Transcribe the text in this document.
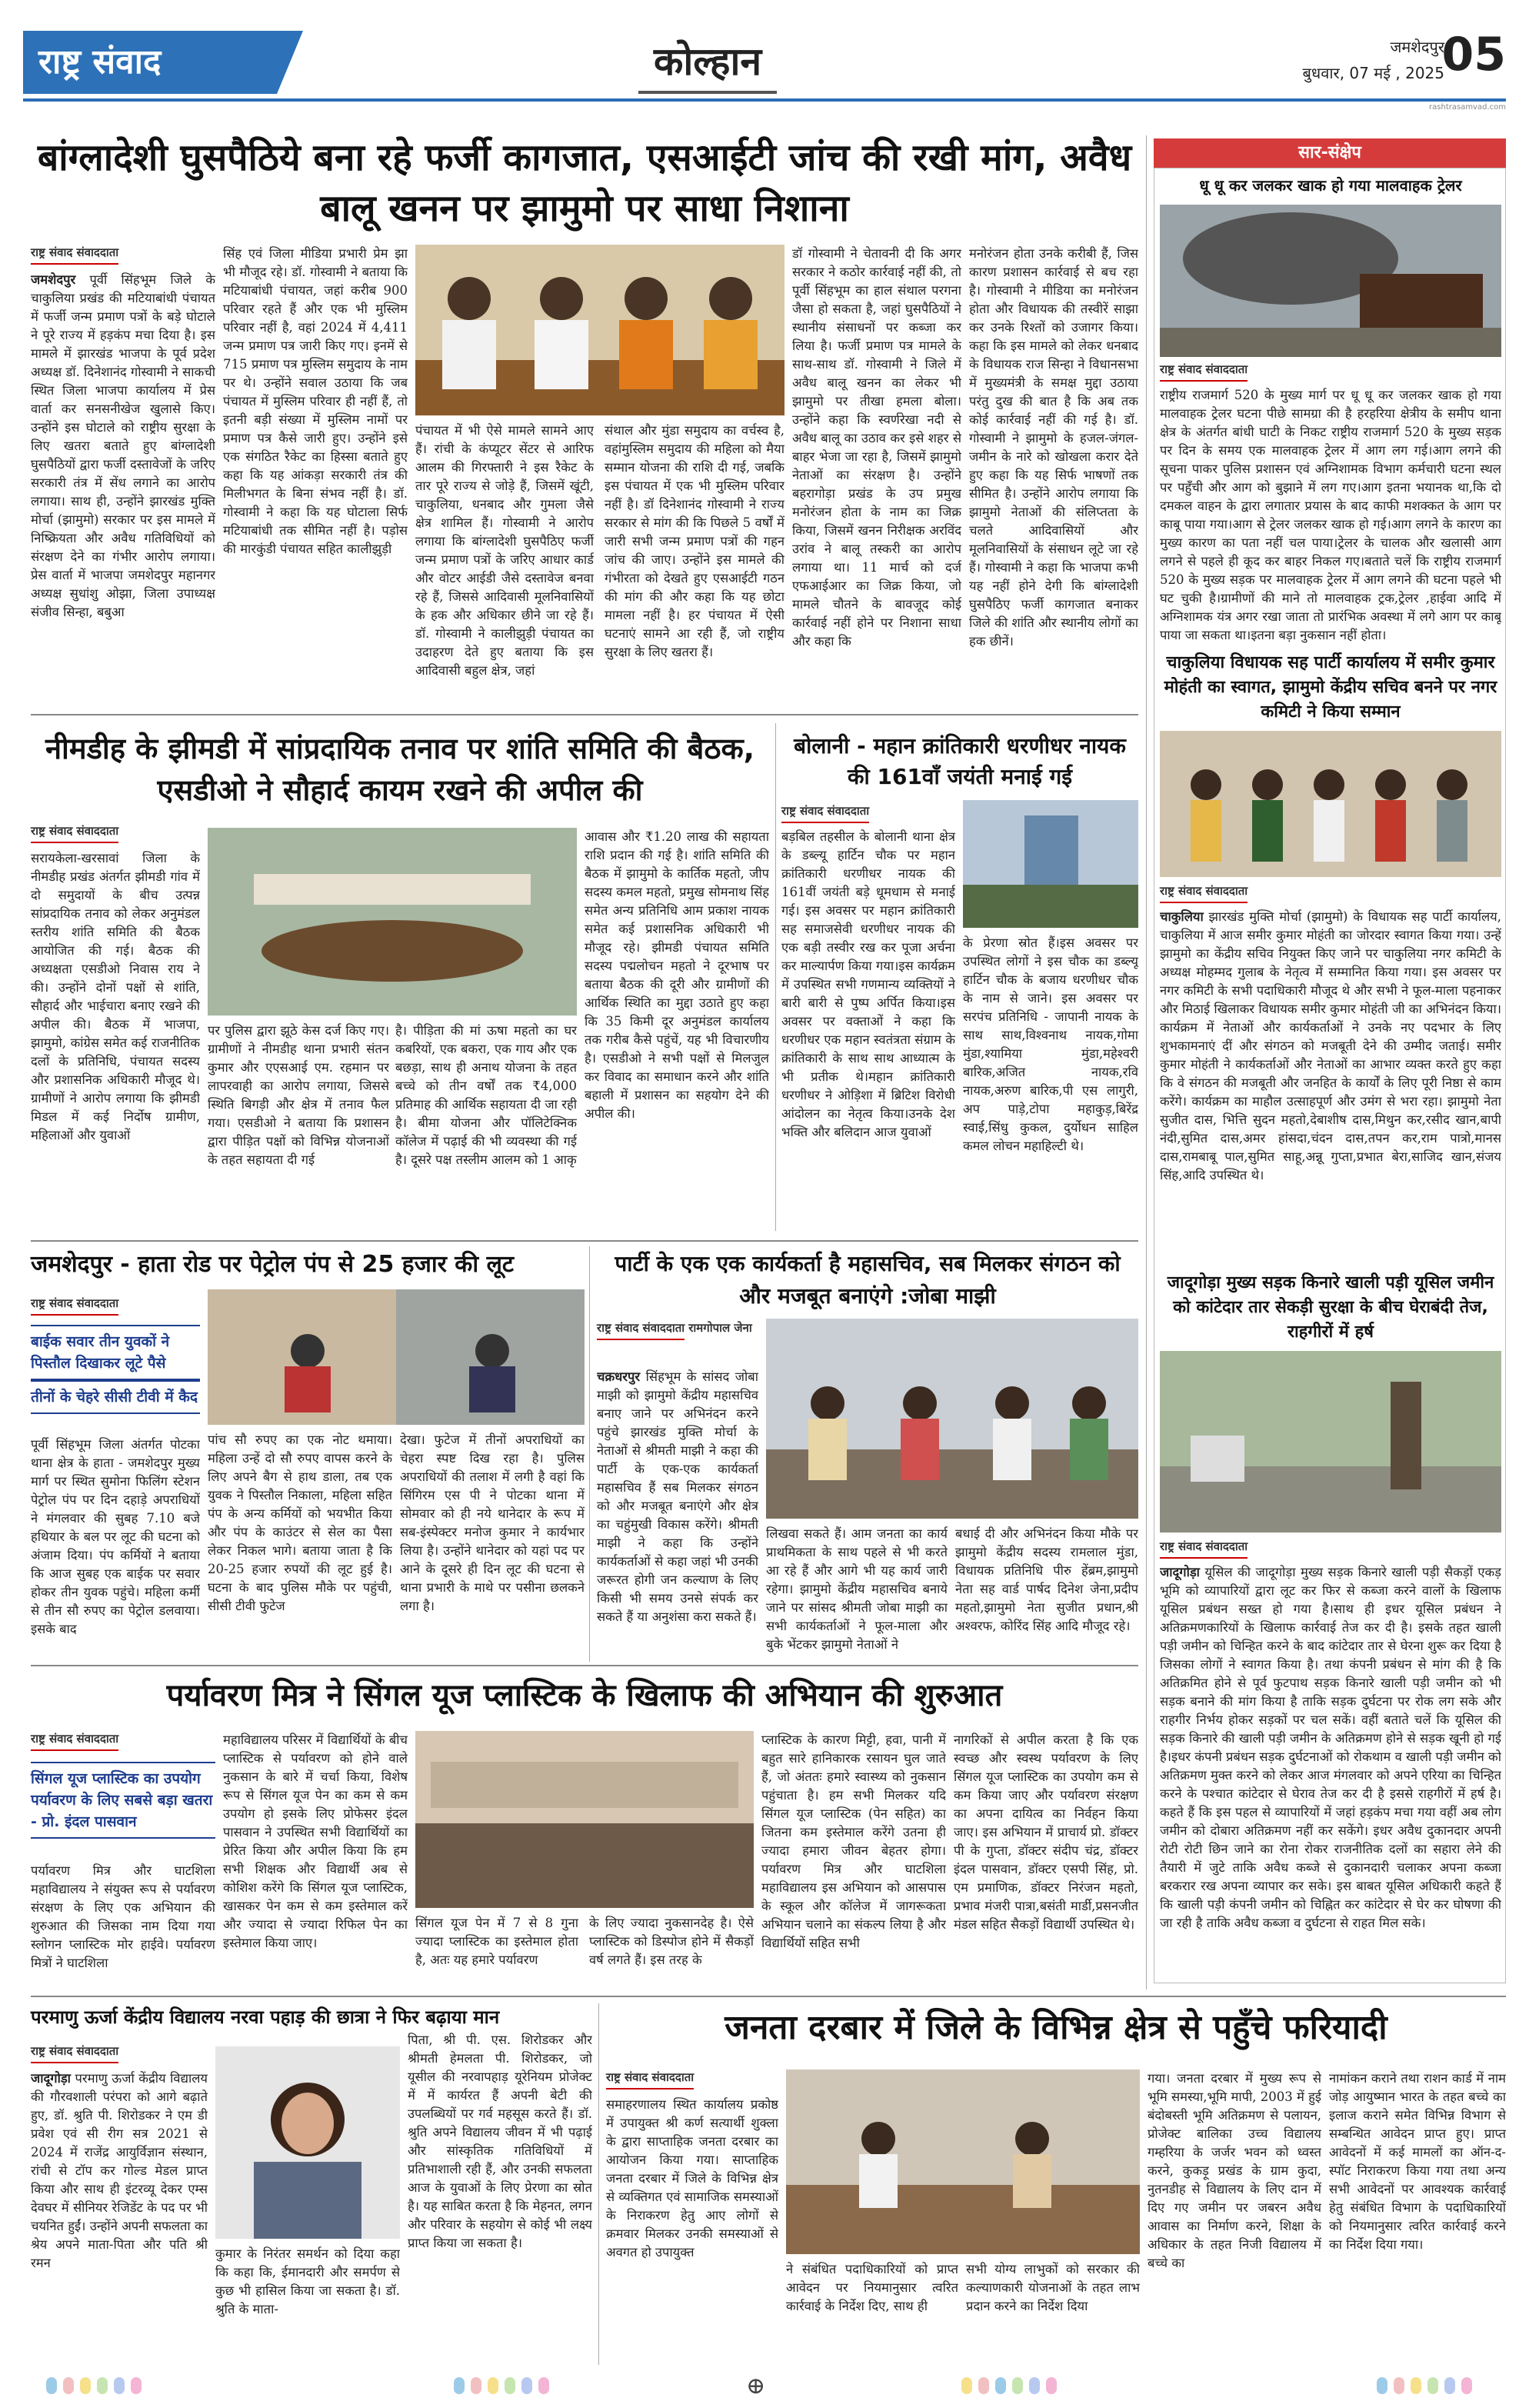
राष्ट्र संवाद	कोल्हान	जमशेदपुर
बुधवार, 07 मई , 2025
05
rashtrasamvad.com
बांग्लादेशी घुसपैठिये बना रहे फर्जी कागजात, एसआईटी जांच की रखी मांग, अवैध बालू खनन पर झामुमो पर साधा निशाना
राष्ट्र संवाद संवाददाता

जमशेदपुर पूर्वी सिंहभूम जिले के चाकुलिया प्रखंड की मटियाबांधी पंचायत में फर्जी जन्म प्रमाण पत्रों के बड़े घोटाले ने पूरे राज्य में हड़कंप मचा दिया है। इस मामले में झारखंड भाजपा के पूर्व प्रदेश अध्यक्ष डॉ. दिनेशानंद गोस्वामी ने साकची स्थित जिला भाजपा कार्यालय में प्रेस वार्ता कर सनसनीखेज खुलासे किए। उन्होंने इस घोटाले को राष्ट्रीय सुरक्षा के लिए खतरा बताते हुए बांग्लादेशी घुसपैठियों द्वारा फर्जी दस्तावेजों के जरिए सरकारी तंत्र में सेंध लगाने का आरोप लगाया। साथ ही, उन्होंने झारखंड मुक्ति मोर्चा (झामुमो) सरकार पर इस मामले में निष्क्रियता और अवैध गतिविधियों को संरक्षण देने का गंभीर आरोप लगाया। प्रेस वार्ता में भाजपा जमशेदपुर महानगर अध्यक्ष सुधांशु ओझा, जिला उपाध्यक्ष संजीव सिन्हा, बबुआ

सिंह एवं जिला मीडिया प्रभारी प्रेम झा भी मौजूद रहे। डॉ. गोस्वामी ने बताया कि मटियाबांधी पंचायत, जहां करीब 900 परिवार रहते हैं और एक भी मुस्लिम परिवार नहीं है, वहां 2024 में 4,411 जन्म प्रमाण पत्र जारी किए गए। इनमें से 715 प्रमाण पत्र मुस्लिम समुदाय के नाम पर थे। उन्होंने सवाल उठाया कि जब पंचायत में मुस्लिम परिवार ही नहीं हैं, तो इतनी बड़ी संख्या में मुस्लिम नामों पर प्रमाण पत्र कैसे जारी हुए। उन्होंने इसे एक संगठित रैकेट का हिस्सा बताते हुए कहा कि यह आंकड़ा सरकारी तंत्र की मिलीभगत के बिना संभव नहीं है। डॉ. गोस्वामी ने कहा कि यह घोटाला सिर्फ मटियाबांधी तक सीमित नहीं है। पड़ोस की मारकुंडी पंचायत सहित कालीझुड़ी
पंचायत में भी ऐसे मामले सामने आए हैं। रांची के कंप्यूटर सेंटर से आरिफ आलम की गिरफ्तारी ने इस रैकेट के तार पूरे राज्य से जोड़े हैं, जिसमें खूंटी, चाकुलिया, धनबाद और गुमला जैसे क्षेत्र शामिल हैं। गोस्वामी ने आरोप लगाया कि बांग्लादेशी घुसपैठिए फर्जी जन्म प्रमाण पत्रों के जरिए आधार कार्ड और वोटर आईडी जैसे दस्तावेज बनवा रहे हैं, जिससे आदिवासी मूलनिवासियों के हक और अधिकार छीने जा रहे हैं। डॉ. गोस्वामी ने कालीझुड़ी पंचायत का उदाहरण देते हुए बताया कि इस आदिवासी बहुल क्षेत्र, जहां
संथाल और मुंडा समुदाय का वर्चस्व है, वहांमुस्लिम समुदाय की महिला को मैया सम्मान योजना की राशि दी गई, जबकि इस पंचायत में एक भी मुस्लिम परिवार नहीं है। डॉ दिनेशानंद गोस्वामी ने राज्य सरकार से मांग की कि पिछले 5 वर्षों में जारी सभी जन्म प्रमाण पत्रों की गहन जांच की जाए। उन्होंने इस मामले की गंभीरता को देखते हुए एसआईटी गठन की मांग की और कहा कि यह छोटा मामला नहीं है। हर पंचायत में ऐसी घटनाएं सामने आ रही हैं, जो राष्ट्रीय सुरक्षा के लिए खतरा हैं।
डॉ गोस्वामी ने चेतावनी दी कि अगर सरकार ने कठोर कार्रवाई नहीं की, तो पूर्वी सिंहभूम का हाल संथाल परगना जैसा हो सकता है, जहां घुसपैठियों ने स्थानीय संसाधनों पर कब्जा कर लिया है। फर्जी प्रमाण पत्र मामले के साथ-साथ डॉ. गोस्वामी ने जिले में अवैध बालू खनन का लेकर भी झामुमो पर तीखा हमला बोला। उन्होंने कहा कि स्वर्णरेखा नदी से अवैध बालू का उठाव कर इसे शहर से बाहर भेजा जा रहा है, जिसमें झामुमो नेताओं का संरक्षण है। उन्होंने बहरागोड़ा प्रखंड के उप प्रमुख मनोरंजन होता के नाम का जिक्र किया, जिसमें खनन निरीक्षक अरविंद उरांव ने बालू तस्करी का आरोप लगाया था। 11 मार्च को दर्ज एफआईआर का जिक्र किया, जो मामले चौतने के बावजूद कोई कार्रवाई नहीं होने पर निशाना साधा और कहा कि
मनोरंजन होता उनके करीबी हैं, जिस कारण प्रशासन कार्रवाई से बच रहा है। गोस्वामी ने मीडिया का मनोरंजन होता और विधायक की तस्वीरें साझा कर उनके रिश्तों को उजागर किया। कहा कि इस मामले को लेकर धनबाद के विधायक राज सिन्हा ने विधानसभा में मुख्यमंत्री के समक्ष मुद्दा उठाया परंतु दुख की बात है कि अब तक कोई कार्रवाई नहीं की गई है। डॉ. गोस्वामी ने झामुमो के हजल-जंगल-जमीन के नारे को खोखला करार देते हुए कहा कि यह सिर्फ भाषणों तक सीमित है। उन्होंने आरोप लगाया कि झामुमो नेताओं की संलिप्तता के चलते आदिवासियों और मूलनिवासियों के संसाधन लूटे जा रहे हैं। गोस्वामी ने कहा कि भाजपा कभी यह नहीं होने देगी कि बांग्लादेशी घुसपैठिए फर्जी कागजात बनाकर जिले की शांति और स्थानीय लोगों का हक छीनें।
नीमडीह के झीमडी में सांप्रदायिक तनाव पर शांति समिति की बैठक, एसडीओ ने सौहार्द कायम रखने की अपील की
राष्ट्र संवाद संवाददाता
सरायकेला-खरसावां जिला के नीमडीह प्रखंड अंतर्गत झीमडी गांव में दो समुदायों के बीच उत्पन्न सांप्रदायिक तनाव को लेकर अनुमंडल स्तरीय शांति समिति की बैठक आयोजित की गई। बैठक की अध्यक्षता एसडीओ निवास राय ने की। उन्होंने दोनों पक्षों से शांति, सौहार्द और भाईचारा बनाए रखने की अपील की। बैठक में भाजपा, झामुमो, कांग्रेस समेत कई राजनीतिक दलों के प्रतिनिधि, पंचायत सदस्य और प्रशासनिक अधिकारी मौजूद थे। ग्रामीणों ने आरोप लगाया कि झीमडी मिडल में कई निर्दोष ग्रामीण, महिलाओं और युवाओं
पर पुलिस द्वारा झूठे केस दर्ज किए गए। ग्रामीणों ने नीमडीह थाना प्रभारी संतन कुमार और एएसआई एम. रहमान पर लापरवाही का आरोप लगाया, जिससे स्थिति बिगड़ी और क्षेत्र में तनाव फैल गया। एसडीओ ने बताया कि प्रशासन द्वारा पीड़ित पक्षों को विभिन्न योजनाओं के तहत सहायता दी गई
है। पीड़िता की मां ऊषा महतो का घर कबरियों, एक बकरा, एक गाय और एक बछड़ा, साथ ही अनाथ योजना के तहत बच्चे को तीन वर्षों तक ₹4,000 प्रतिमाह की आर्थिक सहायता दी जा रही है। बीमा योजना और पॉलिटेक्निक कॉलेज में पढ़ाई की भी व्यवस्था की गई है। दूसरे पक्ष तस्लीम आलम को 1 आकृ
आवास और ₹1.20 लाख की सहायता राशि प्रदान की गई है। शांति समिति की बैठक में झामुमो के कार्तिक महतो, जीप सदस्य कमल महतो, प्रमुख सोमनाथ सिंह समेत अन्य प्रतिनिधि आम प्रकाश नायक समेत कई प्रशासनिक अधिकारी भी मौजूद रहे। झीमडी पंचायत समिति सदस्य पद्मलोचन महतो ने दूरभाष पर बताया बैठक की दूरी और ग्रामीणों की आर्थिक स्थिति का मुद्दा उठाते हुए कहा कि 35 किमी दूर अनुमंडल कार्यालय तक गरीब कैसे पहुंचें, यह भी विचारणीय है। एसडीओ ने सभी पक्षों से मिलजुल कर विवाद का समाधान करने और शांति बहाली में प्रशासन का सहयोग देने की अपील की।
बोलानी - महान क्रांतिकारी धरणीधर नायक की 161वाँ जयंती मनाई गई
राष्ट्र संवाद संवाददाता
बड़बिल तहसील के बोलानी थाना क्षेत्र के डब्ल्यू हार्टिन चौक पर महान क्रांतिकारी धरणीधर नायक की 161वीं जयंती बड़े धूमधाम से मनाई गई। इस अवसर पर महान क्रांतिकारी सह समाजसेवी धरणीधर नायक की एक बड़ी तस्वीर रख कर पूजा अर्चना कर माल्यार्पण किया गया।इस कार्यक्रम में उपस्थित सभी गणमान्य व्यक्तियों ने बारी बारी से पुष्प अर्पित किया।इस अवसर पर वक्ताओं ने कहा कि धरणीधर एक महान स्वतंत्रता संग्राम के क्रांतिकारी के साथ साथ आध्यात्म के भी प्रतीक थे।महान क्रांतिकारी धरणीधर ने ओड़िशा में ब्रिटिश विरोधी आंदोलन का नेतृत्व किया।उनके देश भक्ति और बलिदान आज युवाओं
के प्रेरणा स्रोत हैं।इस अवसर पर उपस्थित लोगों ने इस चौक का डब्ल्यू हार्टिन चौक के बजाय धरणीधर चौक के नाम से जाने। इस अवसर पर सरपंच प्रतिनिधि - जापानी नायक के साथ साथ,विश्वनाथ नायक,गोमा मुंडा,श्यामिया मुंडा,महेश्वरी बारिक,अजित नायक,रवि नायक,अरुण बारिक,पी एस लागुरी, अप पाड़े,टोपा महाकुड़,बिरेंद्र स्वाई,सिंधु कुकल, दुर्योधन साहिल कमल लोचन महाहिल्टी थे।
जमशेदपुर - हाता रोड पर पेट्रोल पंप से 25 हजार की लूट
राष्ट्र संवाद संवाददाता
बाईक सवार तीन युवकों ने पिस्तौल दिखाकर लूटे पैसे
तीनों के चेहरे सीसी टीवी में कैद
पूर्वी सिंहभूम जिला अंतर्गत पोटका थाना क्षेत्र के हाता - जमशेदपुर मुख्य मार्ग पर स्थित सुमोना फिलिंग स्टेशन पेट्रोल पंप पर दिन दहाड़े अपराधियों ने मंगलवार की सुबह 7.10 बजे हथियार के बल पर लूट की घटना को अंजाम दिया। पंप कर्मियों ने बताया कि आज सुबह एक बाईक पर सवार होकर तीन युवक पहुंचे। महिला कर्मी से तीन सौ रुपए का पेट्रोल डलवाया। इसके बाद
पांच सौ रुपए का एक नोट थमाया। महिला उन्हें दो सौ रुपए वापस करने के लिए अपने बैग से हाथ डाला, तब एक युवक ने पिस्तौल निकाला, महिला सहित पंप के अन्य कर्मियों को भयभीत किया और पंप के काउंटर से सेल का पैसा लेकर निकल भागे। बताया जाता है कि 20-25 हजार रुपयों की लूट हुई है। घटना के बाद पुलिस मौके पर पहुंची, सीसी टीवी फुटेज
देखा। फुटेज में तीनों अपराधियों का चेहरा स्पष्ट दिख रहा है। पुलिस अपराधियों की तलाश में लगी है वहां कि सिंगिरम एस पी ने पोटका थाना में सोमवार को ही नये थानेदार के रूप में सब-इंस्पेक्टर मनोज कुमार ने कार्यभार लिया है। उन्होंने थानेदार को यहां पद पर आने के दूसरे ही दिन लूट की घटना से थाना प्रभारी के माथे पर पसीना छलकने लगा है।
पार्टी के एक एक कार्यकर्ता है महासचिव, सब मिलकर संगठन को और मजबूत बनाएंगे :जोबा माझी
राष्ट्र संवाद संवाददाता रामगोपाल जेना

चक्रधरपुर सिंहभूम के सांसद जोबा माझी को झामुमो केंद्रीय महासचिव बनाए जाने पर अभिनंदन करने पहुंचे झारखंड मुक्ति मोर्चा के नेताओं से श्रीमती माझी ने कहा की पार्टी के एक-एक कार्यकर्ता महासचिव हैं सब मिलकर संगठन को और मजबूत बनाएंगे और क्षेत्र का चहुंमुखी विकास करेंगे। श्रीमती माझी ने कहा कि उन्होंने कार्यकर्ताओं से कहा जहां भी उनकी जरूरत होगी जन कल्याण के लिए किसी भी समय उनसे संपर्क कर सकते हैं या अनुशंसा करा सकते हैं।

लिखवा सकते हैं। आम जनता का कार्य प्राथमिकता के साथ पहले से भी करते आ रहे हैं और आगे भी यह कार्य जारी रहेगा। झामुमो केंद्रीय महासचिव बनाये जाने पर सांसद श्रीमती जोबा माझी का सभी कार्यकर्ताओं ने फूल-माला और बुके भेंटकर झामुमो नेताओं ने
बधाई दी और अभिनंदन किया मौके पर झामुमो केंद्रीय सदस्य रामलाल मुंडा, विधायक प्रतिनिधि पीरु हेंब्रम,झामुमो नेता सह वार्ड पार्षद दिनेश जेना,प्रदीप महतो,झामुमो नेता सुजीत प्रधान,श्री अश्वरफ, कोरिंद सिंह आदि मौजूद रहे।
पर्यावरण मित्र ने सिंगल यूज प्लास्टिक के खिलाफ की अभियान की शुरुआत
राष्ट्र संवाद संवाददाता
सिंगल यूज प्लास्टिक का उपयोग पर्यावरण के लिए सबसे बड़ा खतरा - प्रो. इंदल पासवान
पर्यावरण मित्र और घाटशिला महाविद्यालय ने संयुक्त रूप से पर्यावरण संरक्षण के लिए एक अभियान की शुरुआत की जिसका नाम दिया गया स्लोगन प्लास्टिक मोर हाईवे। पर्यावरण मित्रों ने घाटशिला
महाविद्यालय परिसर में विद्यार्थियों के बीच प्लास्टिक से पर्यावरण को होने वाले नुकसान के बारे में चर्चा किया, विशेष रूप से सिंगल यूज पेन का कम से कम उपयोग हो इसके लिए प्रोफेसर इंदल पासवान ने उपस्थित सभी विद्यार्थियों का प्रेरित किया और अपील किया कि हम सभी शिक्षक और विद्यार्थी अब से कोशिश करेंगे कि सिंगल यूज प्लास्टिक, खासकर पेन कम से कम इस्तेमाल करें और ज्यादा से ज्यादा रिफिल पेन का इस्तेमाल किया जाए।
सिंगल यूज पेन में 7 से 8 गुना ज्यादा प्लास्टिक का इस्तेमाल होता है, अतः यह हमारे पर्यावरण
के लिए ज्यादा नुकसानदेह है। ऐसे प्लास्टिक को डिस्पोज होने में सैकड़ों वर्ष लगते हैं। इस तरह के
प्लास्टिक के कारण मिट्टी, हवा, पानी में बहुत सारे हानिकारक रसायन घुल जाते हैं, जो अंततः हमारे स्वास्थ्य को नुकसान पहुंचाता है। हम सभी मिलकर यदि सिंगल यूज प्लास्टिक (पेन सहित) का जितना कम इस्तेमाल करेंगे उतना ही ज्यादा हमारा जीवन बेहतर होगा। पर्यावरण मित्र और घाटशिला महाविद्यालय इस अभियान को आसपास के स्कूल और कॉलेज में जागरूकता अभियान चलाने का संकल्प लिया है और विद्यार्थियों सहित सभी
नागरिकों से अपील करता है कि एक स्वच्छ और स्वस्थ पर्यावरण के लिए सिंगल यूज प्लास्टिक का उपयोग कम से कम किया जाए और पर्यावरण संरक्षण का अपना दायित्व का निर्वहन किया जाए। इस अभियान में प्राचार्य प्रो. डॉक्टर पी के गुप्ता, डॉक्टर संदीप चंद्र, डॉक्टर इंदल पासवान, डॉक्टर एसपी सिंह, प्रो. एम प्रमाणिक, डॉक्टर निरंजन महतो, प्रभाव मंजरी पात्रा,बसंती मार्डी,प्रसनजीत मंडल सहित सैकड़ों विद्यार्थी उपस्थित थे।
परमाणु ऊर्जा केंद्रीय विद्यालय नरवा पहाड़ की छात्रा ने फिर बढ़ाया मान
राष्ट्र संवाद संवाददाता

जादूगोड़ा परमाणु ऊर्जा केंद्रीय विद्यालय की गौरवशाली परंपरा को आगे बढ़ाते हुए, डॉ. श्रुति पी. शिरोडकर ने एम डी प्रवेश एवं सी रीग सत्र 2021 से 2024 में राजेंद्र आयुर्विज्ञान संस्थान, रांची से टॉप कर गोल्ड मेडल प्राप्त किया और साथ ही इंटरव्यू देकर एम्स देवघर में सीनियर रेजिडेंट के पद पर भी चयनित हुईं। उन्होंने अपनी सफलता का श्रेय अपने माता-पिता और पति श्री रमन

कुमार के निरंतर समर्थन को दिया कहा कि कहा कि, ईमानदारी और समर्पण से कुछ भी हासिल किया जा सकता है। डॉ. श्रुति के माता-
पिता, श्री पी. एस. शिरोडकर और श्रीमती हेमलता पी. शिरोडकर, जो यूसील की नरवापहाड़ यूरेनियम प्रोजेक्ट में में कार्यरत हैं अपनी बेटी की उपलब्धियों पर गर्व महसूस करते हैं। डॉ. श्रुति अपने विद्यालय जीवन में भी पढ़ाई और सांस्कृतिक गतिविधियों में प्रतिभाशाली रही हैं, और उनकी सफलता आज के युवाओं के लिए प्रेरणा का स्रोत है। यह साबित करता है कि मेहनत, लगन और परिवार के सहयोग से कोई भी लक्ष्य प्राप्त किया जा सकता है।
जनता दरबार में जिले के विभिन्न क्षेत्र से पहुँचे फरियादी
राष्ट्र संवाद संवाददाता
समाहरणालय स्थित कार्यालय प्रकोष्ठ में उपायुक्त श्री कर्ण सत्यार्थी शुक्ला के द्वारा साप्ताहिक जनता दरबार का आयोजन किया गया। साप्ताहिक जनता दरबार में जिले के विभिन्न क्षेत्र से व्यक्तिगत एवं सामाजिक समस्याओं के निराकरण हेतु आए लोगों से क्रमवार मिलकर उनकी समस्याओं से अवगत हो उपायुक्त
ने संबंधित पदाधिकारियों को प्राप्त आवेदन पर नियमानुसार त्वरित कार्रवाई के निर्देश दिए, साथ ही
सभी योग्य लाभुकों को सरकार की कल्याणकारी योजनाओं के तहत लाभ प्रदान करने का निर्देश दिया
गया। जनता दरबार में मुख्य रूप से भूमि समस्या,भूमि मापी, 2003 में हुई बंदोबस्ती भूमि अतिक्रमण से पलायन, प्रोजेक्ट बालिका उच्च विद्यालय गम्हरिया के जर्जर भवन को ध्वस्त करने, कुकड़ू प्रखंड के ग्राम कुदा, नुतनडीह से विद्यालय के लिए दान में दिए गए जमीन पर जबरन अवैध आवास का निर्माण करने, शिक्षा के अधिकार के तहत निजी विद्यालय में बच्चे का
नामांकन कराने तथा राशन कार्ड में नाम जोड़ आयुष्मान भारत के तहत बच्चे का इलाज कराने समेत विभिन्न विभाग से सम्बन्धित आवेदन प्राप्त हुए। प्राप्त आवेदनों में कई मामलों का ऑन-द-स्पॉट निराकरण किया गया तथा अन्य सभी आवेदनों पर आवश्यक कार्रवाई हेतु संबंधित विभाग के पदाधिकारियों को नियमानुसार त्वरित कार्रवाई करने का निर्देश दिया गया।
सार-संक्षेप
धू धू कर जलकर खाक हो गया मालवाहक ट्रेलर
राष्ट्र संवाद संवाददाता
राष्ट्रीय राजमार्ग 520 के मुख्य मार्ग पर धू धू कर जलकर खाक हो गया मालवाहक ट्रेलर घटना पीछे सामग्रा की है हरहरिया क्षेत्रीय के समीप थाना क्षेत्र के अंतर्गत बांधी घाटी के निकट राष्ट्रीय राजमार्ग 520 के मुख्य सड़क पर दिन के समय एक मालवाहक ट्रेलर में आग लग गई।आग लगने की सूचना पाकर पुलिस प्रशासन एवं अग्निशामक विभाग कर्मचारी घटना स्थल पर पहुँची और आग को बुझाने में लग गए।आग इतना भयानक था,कि दो दमकल वाहन के द्वारा लगातार प्रयास के बाद काफी मशक्कत के आग पर काबू पाया गया।आग से ट्रेलर जलकर खाक हो गई।आग लगने के कारण का मुख्य कारण का पता नहीं चल पाया।ट्रेलर के चालक और खलासी आग लगने से पहले ही कूद कर बाहर निकल गए।बताते चलें कि राष्ट्रीय राजमार्ग 520 के मुख्य सड़क पर मालवाहक ट्रेलर में आग लगने की घटना पहले भी घट चुकी है।ग्रामीणों की माने तो मालवाहक ट्रक,ट्रेलर ,हाईवा आदि में अग्निशामक यंत्र अगर रखा जाता तो प्रारंभिक अवस्था में लगे आग पर काबू पाया जा सकता था।इतना बड़ा नुकसान नहीं होता।
चाकुलिया विधायक सह पार्टी कार्यालय में समीर कुमार मोहंती का स्वागत, झामुमो केंद्रीय सचिव बनने पर नगर कमिटी ने किया सम्मान
राष्ट्र संवाद संवाददाता

चाकुलिया झारखंड मुक्ति मोर्चा (झामुमो) के विधायक सह पार्टी कार्यालय, चाकुलिया में आज समीर कुमार मोहंती का जोरदार स्वागत किया गया। उन्हें झामुमो का केंद्रीय सचिव नियुक्त किए जाने पर चाकुलिया नगर कमिटी के अध्यक्ष मोहम्मद गुलाब के नेतृत्व में सम्मानित किया गया। इस अवसर पर नगर कमिटी के सभी पदाधिकारी मौजूद थे और सभी ने फूल-माला पहनाकर और मिठाई खिलाकर विधायक समीर कुमार मोहंती जी का अभिनंदन किया। कार्यक्रम में नेताओं और कार्यकर्ताओं ने उनके नए पदभार के लिए शुभकामनाएं दीं और संगठन को मजबूती देने की उम्मीद जताई। समीर कुमार मोहंती ने कार्यकर्ताओं और नेताओं का आभार व्यक्त करते हुए कहा कि वे संगठन की मजबूती और जनहित के कार्यों के लिए पूरी निष्ठा से काम करेंगे। कार्यक्रम का माहौल उत्साहपूर्ण और उमंग से भरा रहा। झामुमो नेता सुजीत दास, भित्ति सुदन महतो,देबाशीष दास,मिथुन कर,रसीद खान,बापी नंदी,सुमित दास,अमर हांसदा,चंदन दास,तपन कर,राम पात्रो,मानस दास,रामबाबू पाल,सुमित साहू,अन्नू गुप्ता,प्रभात बेरा,साजिद खान,संजय सिंह,आदि उपस्थित थे।

जादूगोड़ा मुख्य सड़क किनारे खाली पड़ी यूसिल जमीन को कांटेदार तार सेकड़ी सुरक्षा के बीच घेराबंदी तेज, राहगीरों में हर्ष
राष्ट्र संवाद संवाददाता

जादूगोड़ा यूसिल की जादूगोड़ा मुख्य सड़क किनारे खाली पड़ी सैकड़ों एकड़ भूमि को व्यापारियों द्वारा लूट कर फिर से कब्जा करने वालों के खिलाफ यूसिल प्रबंधन सख्त हो गया है।साथ ही इधर यूसिल प्रबंधन ने अतिक्रमणकारियों के खिलाफ कार्रवाई तेज कर दी है। इसके तहत खाली पड़ी जमीन को चिन्हित करने के बाद कांटेदार तार से घेरना शुरू कर दिया है जिसका लोगों ने स्वागत किया है। तथा कंपनी प्रबंधन से मांग की है कि अतिक्रमित होने से पूर्व फुटपाथ सड़क किनारे खाली पड़ी जमीन को भी सड़क बनाने की मांग किया है ताकि सड़क दुर्घटना पर रोक लग सके और राहगीर निर्भय होकर सड़कों पर चल सकें। वहीं बताते चलें कि यूसिल की सड़क किनारे की खाली पड़ी जमीन के अतिक्रमण होने से सड़क खूनी हो गई है।इधर कंपनी प्रबंधन सड़क दुर्घटनाओं को रोकथाम व खाली पड़ी जमीन को अतिक्रमण मुक्त करने को लेकर आज मंगलवार को अपने एरिया का चिन्हित करने के पश्चात कांटेदार से घेराव तेज कर दी है इससे राहगीरों में हर्ष है। कहते हैं कि इस पहल से व्यापारियों में जहां हड़कंप मचा गया वहीं अब लोग जमीन को दोबारा अतिक्रमण नहीं कर सकेंगे। इधर अवैध दुकानदार अपनी रोटी रोटी छिन जाने का रोना रोकर राजनीतिक दलों का सहारा लेने की तैयारी में जुटे ताकि अवैध कब्जे से दुकानदारी चलाकर अपना कब्जा बरकरार रख अपना व्यापार कर सके। इस बाबत यूसिल अधिकारी कहते हैं कि खाली पड़ी कंपनी जमीन को चिह्नित कर कांटेदार से घेर कर घोषणा की जा रही है ताकि अवैध कब्जा व दुर्घटना से राहत मिल सके।

⊕
